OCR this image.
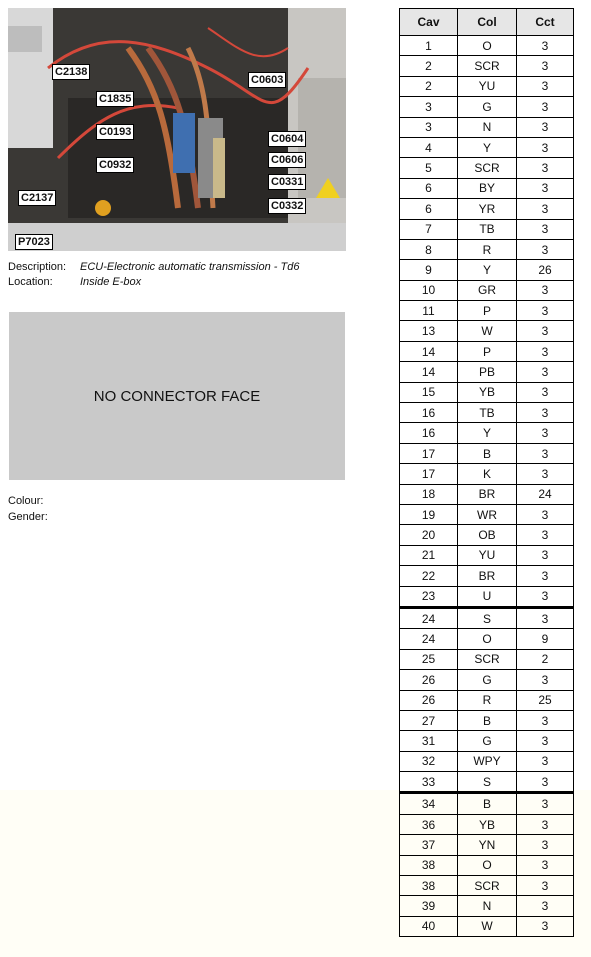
C2138
C0603
C1835
C0193
C0604
C0606
C0932
C0331
C2137
C0332
P7023
Description:	ECU-Electronic automatic transmission - Td6
Location:	Inside E-box
NO CONNECTOR FACE
Colour:
Gender:
Cav	Col	Cct
1	O	3
2	SCR	3
2	YU	3
3	G	3
3	N	3
4	Y	3
5	SCR	3
6	BY	3
6	YR	3
7	TB	3
8	R	3
9	Y	26
10	GR	3
11	P	3
13	W	3
14	P	3
14	PB	3
15	YB	3
16	TB	3
16	Y	3
17	B	3
17	K	3
18	BR	24
19	WR	3
20	OB	3
21	YU	3
22	BR	3
23	U	3
24	S	3
24	O	9
25	SCR	2
26	G	3
26	R	25
27	B	3
31	G	3
32	WPY	3
33	S	3
34	B	3
36	YB	3
37	YN	3
38	O	3
38	SCR	3
39	N	3
40	W	3
